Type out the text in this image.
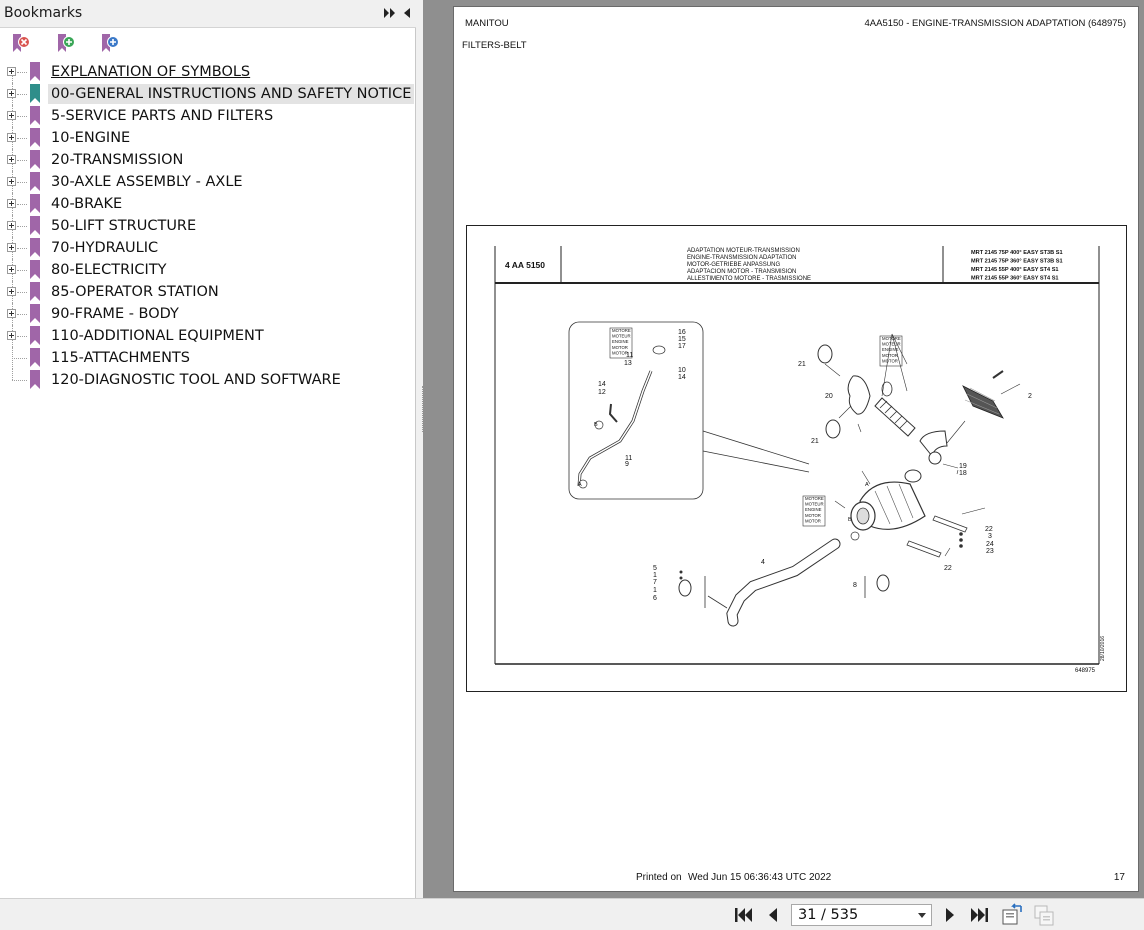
Bookmarks
EXPLANATION OF SYMBOLS
00-GENERAL INSTRUCTIONS AND SAFETY NOTICE
5-SERVICE PARTS AND FILTERS
10-ENGINE
20-TRANSMISSION
30-AXLE ASSEMBLY - AXLE
40-BRAKE
50-LIFT STRUCTURE
70-HYDRAULIC
80-ELECTRICITY
85-OPERATOR STATION
90-FRAME - BODY
110-ADDITIONAL EQUIPMENT
115-ATTACHMENTS
120-DIAGNOSTIC TOOL AND SOFTWARE
MANITOU	4AA5150 - ENGINE-TRANSMISSION ADAPTATION (648975)
FILTERS-BELT
4 AA 5150
ADAPTATION MOTEUR-TRANSMISSION
ENGINE-TRANSMISSION ADAPTATION
MOTOR-GETRIEBE ANPASSUNG
ADAPTACION MOTOR - TRANSMISION
ALLESTIMENTO MOTORE - TRASMISSIONE
MRT 2145 75P 400° EASY ST3B S1
MRT 2145 75P 360° EASY ST3B S1
MRT 2145 55P 400° EASY ST4 S1
MRT 2145 55P 360° EASY ST4 S1
648975
28/10/2016
MOTORE
MOTEUR
ENGINE
MOTOR
MOTOR
MOTORE
MOTEUR
ENGINE
MOTOR
MOTOR
MOTORE
MOTEUR
ENGINE
MOTOR
MOTOR
16
15
17
14
13
11
10
14
12
11
9
B
A
21
20
21
2
19
18
22
3
24
23
22
A
B
4
5
1
7
1
6
8
Printed on Wed Jun 15 06:36:43 UTC 2022	17
31 / 535
